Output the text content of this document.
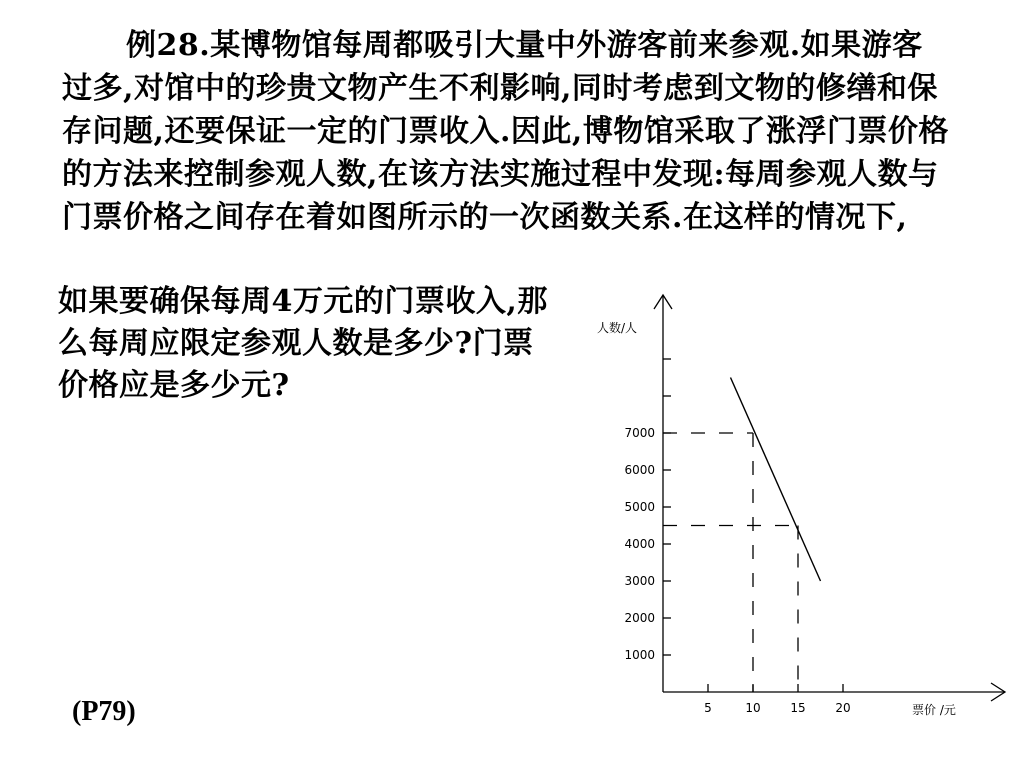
例28.某博物馆每周都吸引大量中外游客前来参观.如果游客过多,对馆中的珍贵文物产生不利影响,同时考虑到文物的修缮和保存问题,还要保证一定的门票收入.因此,博物馆采取了涨浮门票价格的方法来控制参观人数,在该方法实施过程中发现:每周参观人数与门票价格之间存在着如图所示的一次函数关系.在这样的情况下,

如果要确保每周4万元的门票收入,那么每周应限定参观人数是多少?门票价格应是多少元?

(P79)
1000
2000
3000
4000
5000
6000
7000
5	10 15 20
人数/人
票价 /元
